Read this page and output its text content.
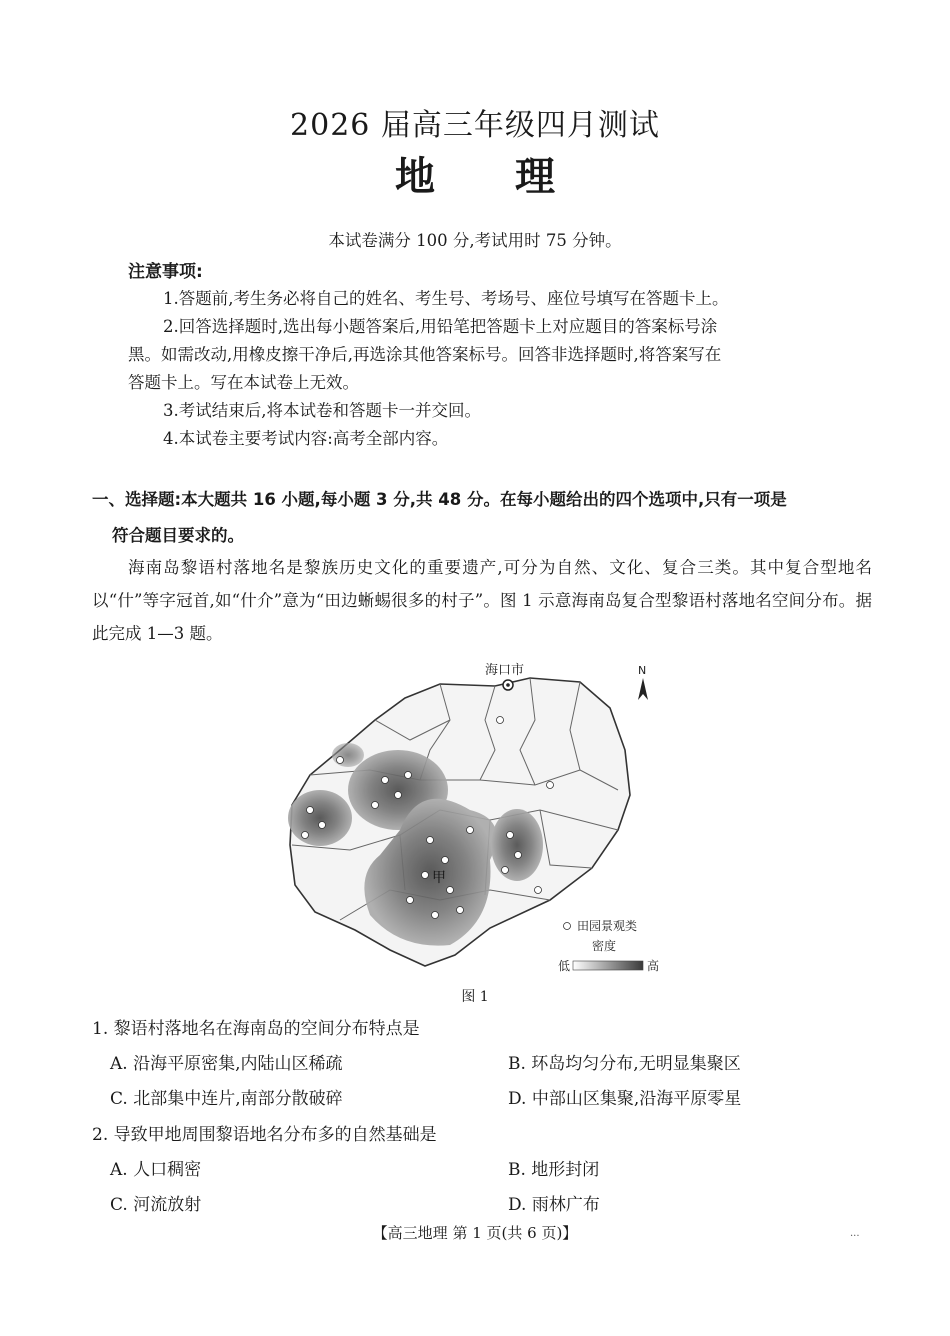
2026 届高三年级四月测试
地理
本试卷满分 100 分,考试用时 75 分钟。
注意事项:
1.答题前,考生务必将自己的姓名、考生号、考场号、座位号填写在答题卡上。
2.回答选择题时,选出每小题答案后,用铅笔把答题卡上对应题目的答案标号涂
黑。如需改动,用橡皮擦干净后,再选涂其他答案标号。回答非选择题时,将答案写在
答题卡上。写在本试卷上无效。
3.考试结束后,将本试卷和答题卡一并交回。
4.本试卷主要考试内容:高考全部内容。
一、选择题:本大题共 16 小题,每小题 3 分,共 48 分。在每小题给出的四个选项中,只有一项是
符合题目要求的。
海南岛黎语村落地名是黎族历史文化的重要遗产,可分为自然、文化、复合三类。其中复合型地名以“什”等字冠首,如“什介”意为“田边蜥蜴很多的村子”。图 1 示意海南岛复合型黎语村落地名空间分布。据此完成 1—3 题。
海口市	N
甲
田园景观类
密度
低	高
图 1
1. 黎语村落地名在海南岛的空间分布特点是
A. 沿海平原密集,内陆山区稀疏	B. 环岛均匀分布,无明显集聚区
C. 北部集中连片,南部分散破碎	D. 中部山区集聚,沿海平原零星
2. 导致甲地周围黎语地名分布多的自然基础是
A. 人口稠密	B. 地形封闭
C. 河流放射	D. 雨林广布
【高三地理 第 1 页(共 6 页)】	...
